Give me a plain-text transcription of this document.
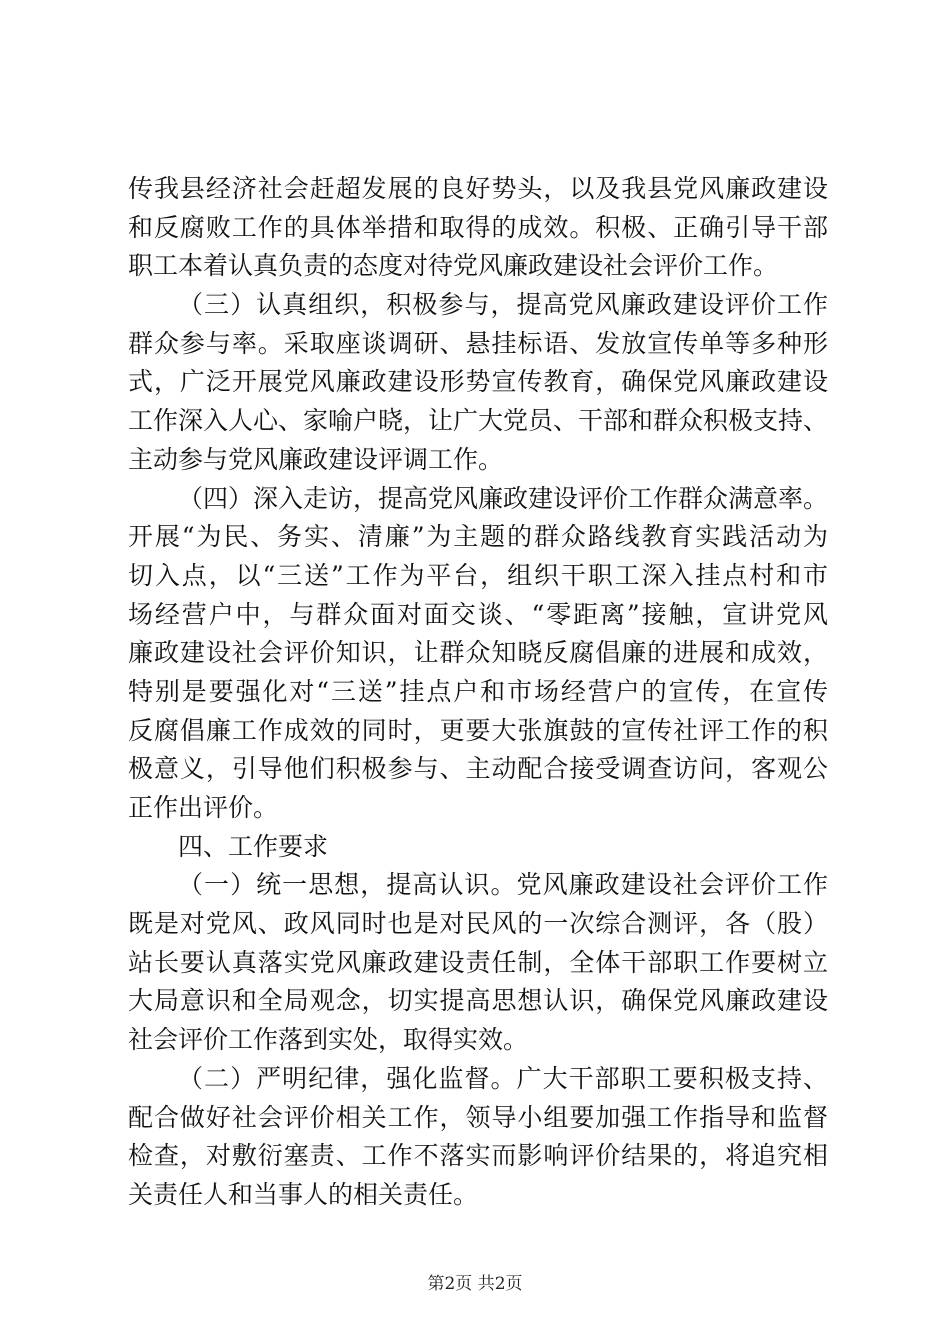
传我县经济社会赶超发展的良好势头，以及我县党风廉政建设
和反腐败工作的具体举措和取得的成效。积极、正确引导干部
职工本着认真负责的态度对待党风廉政建设社会评价工作。
（三）认真组织，积极参与，提高党风廉政建设评价工作
群众参与率。采取座谈调研、悬挂标语、发放宣传单等多种形
式，广泛开展党风廉政建设形势宣传教育，确保党风廉政建设
工作深入人心、家喻户晓，让广大党员、干部和群众积极支持、
主动参与党风廉政建设评调工作。
（四）深入走访，提高党风廉政建设评价工作群众满意率。
开展“为民、务实、清廉”为主题的群众路线教育实践活动为
切入点，以“三送”工作为平台，组织干职工深入挂点村和市
场经营户中，与群众面对面交谈、“零距离”接触，宣讲党风
廉政建设社会评价知识，让群众知晓反腐倡廉的进展和成效，
特别是要强化对“三送”挂点户和市场经营户的宣传，在宣传
反腐倡廉工作成效的同时，更要大张旗鼓的宣传社评工作的积
极意义，引导他们积极参与、主动配合接受调查访问，客观公
正作出评价。
四、工作要求
（一）统一思想，提高认识。党风廉政建设社会评价工作
既是对党风、政风同时也是对民风的一次综合测评，各（股）
站长要认真落实党风廉政建设责任制，全体干部职工作要树立
大局意识和全局观念，切实提高思想认识，确保党风廉政建设
社会评价工作落到实处，取得实效。
（二）严明纪律，强化监督。广大干部职工要积极支持、
配合做好社会评价相关工作，领导小组要加强工作指导和监督
检查，对敷衍塞责、工作不落实而影响评价结果的，将追究相
关责任人和当事人的相关责任。
第2页 共2页
